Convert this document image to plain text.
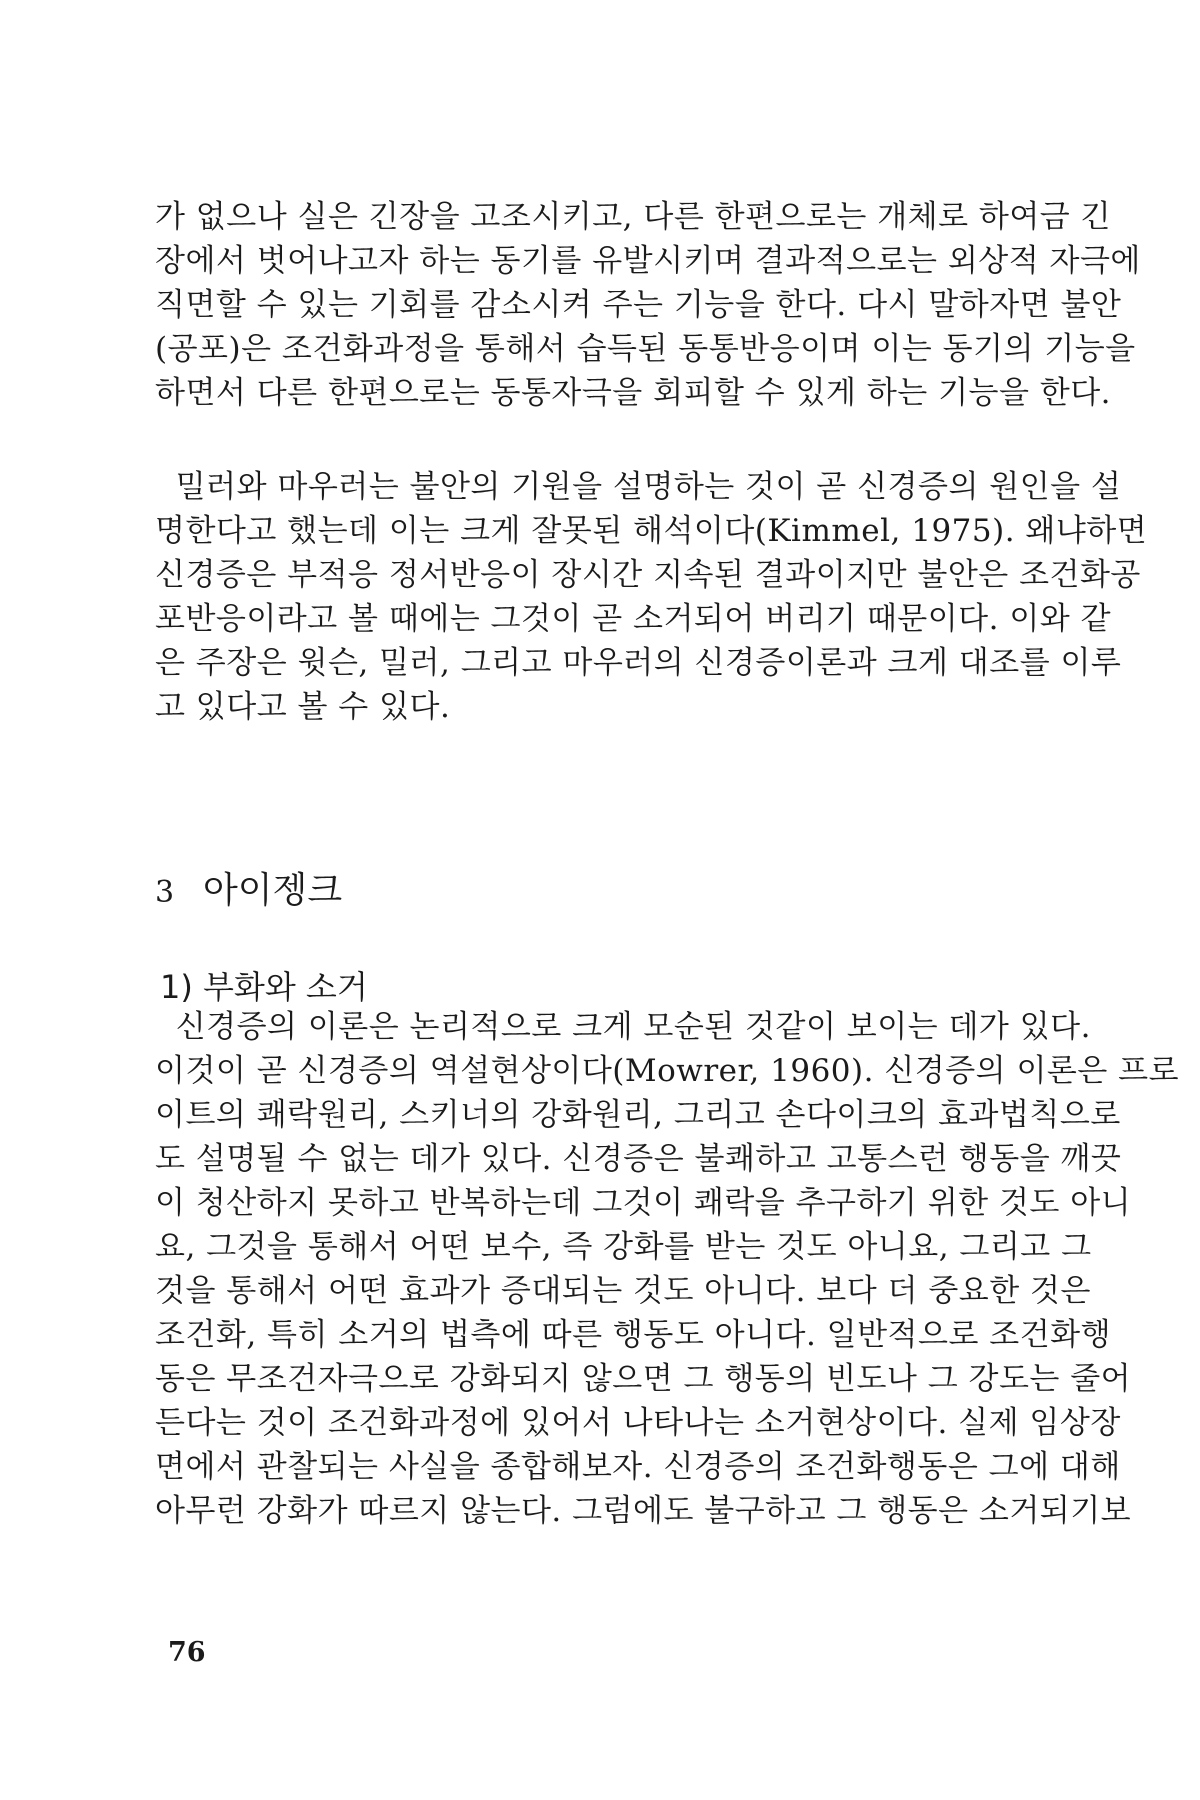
가 없으나 실은 긴장을 고조시키고, 다른 한편으로는 개체로 하여금 긴
장에서 벗어나고자 하는 동기를 유발시키며 결과적으로는 외상적 자극에
직면할 수 있는 기회를 감소시켜 주는 기능을 한다. 다시 말하자면 불안
(공포)은 조건화과정을 통해서 습득된 동통반응이며 이는 동기의 기능을
하면서 다른 한편으로는 동통자극을 회피할 수 있게 하는 기능을 한다.
밀러와 마우러는 불안의 기원을 설명하는 것이 곧 신경증의 원인을 설
명한다고 했는데 이는 크게 잘못된 해석이다(Kimmel, 1975). 왜냐하면
신경증은 부적응 정서반응이 장시간 지속된 결과이지만 불안은 조건화공
포반응이라고 볼 때에는 그것이 곧 소거되어 버리기 때문이다. 이와 같
은 주장은 윗슨, 밀러, 그리고 마우러의 신경증이론과 크게 대조를 이루
고 있다고 볼 수 있다.
3 아이젱크
1) 부화와 소거
신경증의 이론은 논리적으로 크게 모순된 것같이 보이는 데가 있다.
이것이 곧 신경증의 역설현상이다(Mowrer, 1960). 신경증의 이론은 프로
이트의 쾌락원리, 스키너의 강화원리, 그리고 손다이크의 효과법칙으로
도 설명될 수 없는 데가 있다. 신경증은 불쾌하고 고통스런 행동을 깨끗
이 청산하지 못하고 반복하는데 그것이 쾌락을 추구하기 위한 것도 아니
요, 그것을 통해서 어떤 보수, 즉 강화를 받는 것도 아니요, 그리고 그
것을 통해서 어떤 효과가 증대되는 것도 아니다. 보다 더 중요한 것은
조건화, 특히 소거의 법측에 따른 행동도 아니다. 일반적으로 조건화행
동은 무조건자극으로 강화되지 않으면 그 행동의 빈도나 그 강도는 줄어
든다는 것이 조건화과정에 있어서 나타나는 소거현상이다. 실제 임상장
면에서 관찰되는 사실을 종합해보자. 신경증의 조건화행동은 그에 대해
아무런 강화가 따르지 않는다. 그럼에도 불구하고 그 행동은 소거되기보
76
